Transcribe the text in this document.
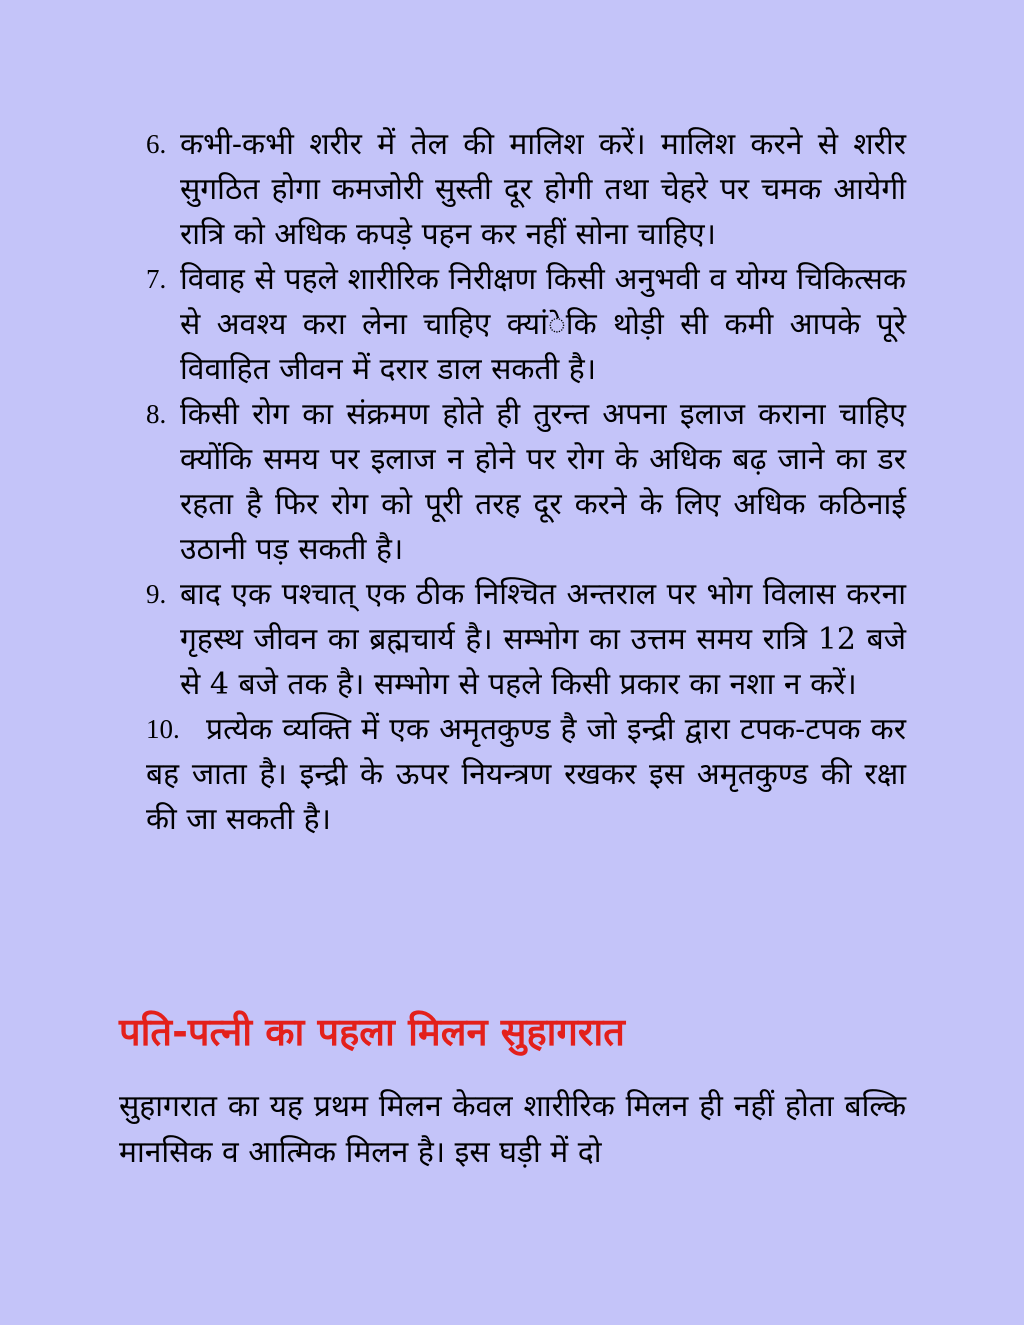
6. कभी-कभी शरीर में तेल की मालिश करें। मालिश करने से शरीर सुगठित होगा कमजोेरी सुस्ती दूर होगी तथा चेहरे पर चमक आयेगी रात्रि को अधिक कपड़े पहन कर नहीं सोना चाहिए।
7. विवाह से पहले शारीरिक निरीक्षण किसी अनुभवी व योग्य चिकित्सक से अवश्य करा लेना चाहिए क्यांेकि थोड़ी सी कमी आपके पूरे विवाहित जीवन में दरार डाल सकती है।
8. किसी रोग का संक्रमण होते ही तुरन्त अपना इलाज कराना चाहिए क्योंकि समय पर इलाज न होने पर रोग के अधिक बढ़ जाने का डर रहता है फिर रोग को पूरी तरह दूर करने के लिए अधिक कठिनाई उठानी पड़ सकती है।
9. बाद एक पश्चात् एक ठीक निश्चित अन्तराल पर भोग विलास करना गृहस्थ जीवन का ब्रह्मचार्य है। सम्भोग का उत्तम समय रात्रि 12 बजे से 4 बजे तक है। सम्भोग से पहले किसी प्रकार का नशा न करें।
10. प्रत्येक व्यक्ति में एक अमृतकुण्ड है जो इन्द्री द्वारा टपक-टपक कर बह जाता है। इन्द्री के ऊपर नियन्त्रण रखकर इस अमृतकुण्ड की रक्षा की जा सकती है।
पति-पत्नी का पहला मिलन सुहागरात

सुहागरात का यह प्रथम मिलन केवल शारीरिक मिलन ही नहीं होता बल्कि मानसिक व आत्मिक मिलन है। इस घड़ी में दो
